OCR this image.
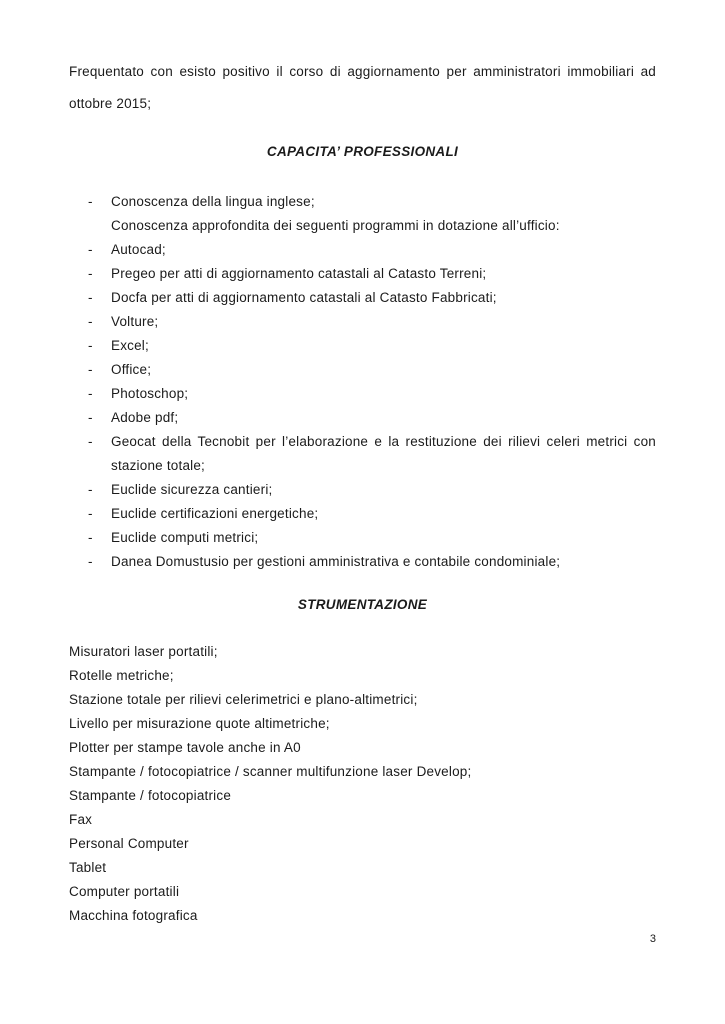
Frequentato con esisto positivo il corso di aggiornamento per amministratori immobiliari ad ottobre 2015;

CAPACITA’ PROFESSIONALI
- Conoscenza della lingua inglese;
Conoscenza approfondita dei seguenti programmi in dotazione all’ufficio:
- Autocad;
- Pregeo per atti di aggiornamento catastali al Catasto Terreni;
- Docfa per atti di aggiornamento catastali al Catasto Fabbricati;
- Volture;
- Excel;
- Office;
- Photoschop;
- Adobe pdf;
- Geocat della Tecnobit per l’elaborazione e la restituzione dei rilievi celeri metrici con stazione totale;
- Euclide sicurezza cantieri;
- Euclide certificazioni energetiche;
- Euclide computi metrici;
- Danea Domustusio per gestioni amministrativa e contabile condominiale;
STRUMENTAZIONE
Misuratori laser portatili;
Rotelle metriche;
Stazione totale per rilievi celerimetrici e plano-altimetrici;
Livello per misurazione quote altimetriche;
Plotter per stampe tavole anche in A0
Stampante / fotocopiatrice / scanner multifunzione laser Develop;
Stampante / fotocopiatrice
Fax
Personal Computer
Tablet
Computer portatili
Macchina fotografica
3
